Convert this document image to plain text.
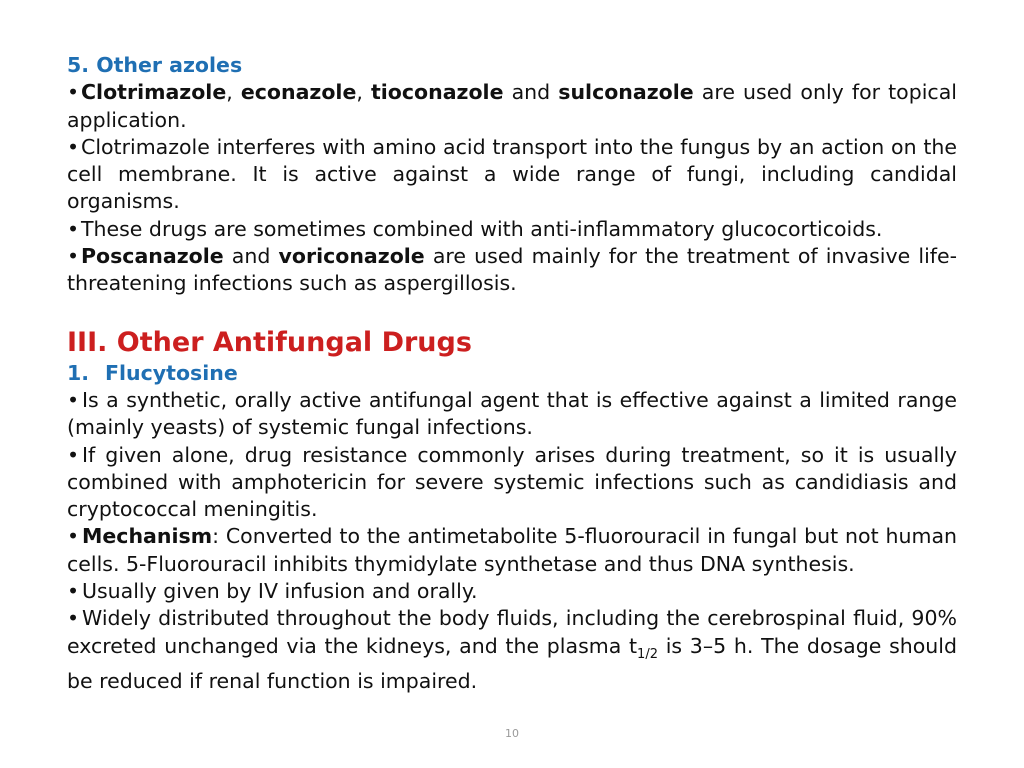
5. Other azoles
•Clotrimazole, econazole, tioconazole and sulconazole are used only for topical application.
•Clotrimazole interferes with amino acid transport into the fungus by an action on the cell membrane. It is active against a wide range of fungi, including candidal organisms.
•These drugs are sometimes combined with anti-inflammatory glucocorticoids.
•Poscanazole and voriconazole are used mainly for the treatment of invasive life-threatening infections such as aspergillosis.
III. Other Antifungal Drugs
1. Flucytosine
• Is a synthetic, orally active antifungal agent that is effective against a limited range (mainly yeasts) of systemic fungal infections.
• If given alone, drug resistance commonly arises during treatment, so it is usually combined with amphotericin for severe systemic infections such as candidiasis and cryptococcal meningitis.
• Mechanism: Converted to the antimetabolite 5-fluorouracil in fungal but not human cells. 5-Fluorouracil inhibits thymidylate synthetase and thus DNA synthesis.
• Usually given by IV infusion and orally.
• Widely distributed throughout the body fluids, including the cerebrospinal fluid, 90% excreted unchanged via the kidneys, and the plasma $t_{1/2}$ is 3–5 h. The dosage should be reduced if renal function is impaired.
10
